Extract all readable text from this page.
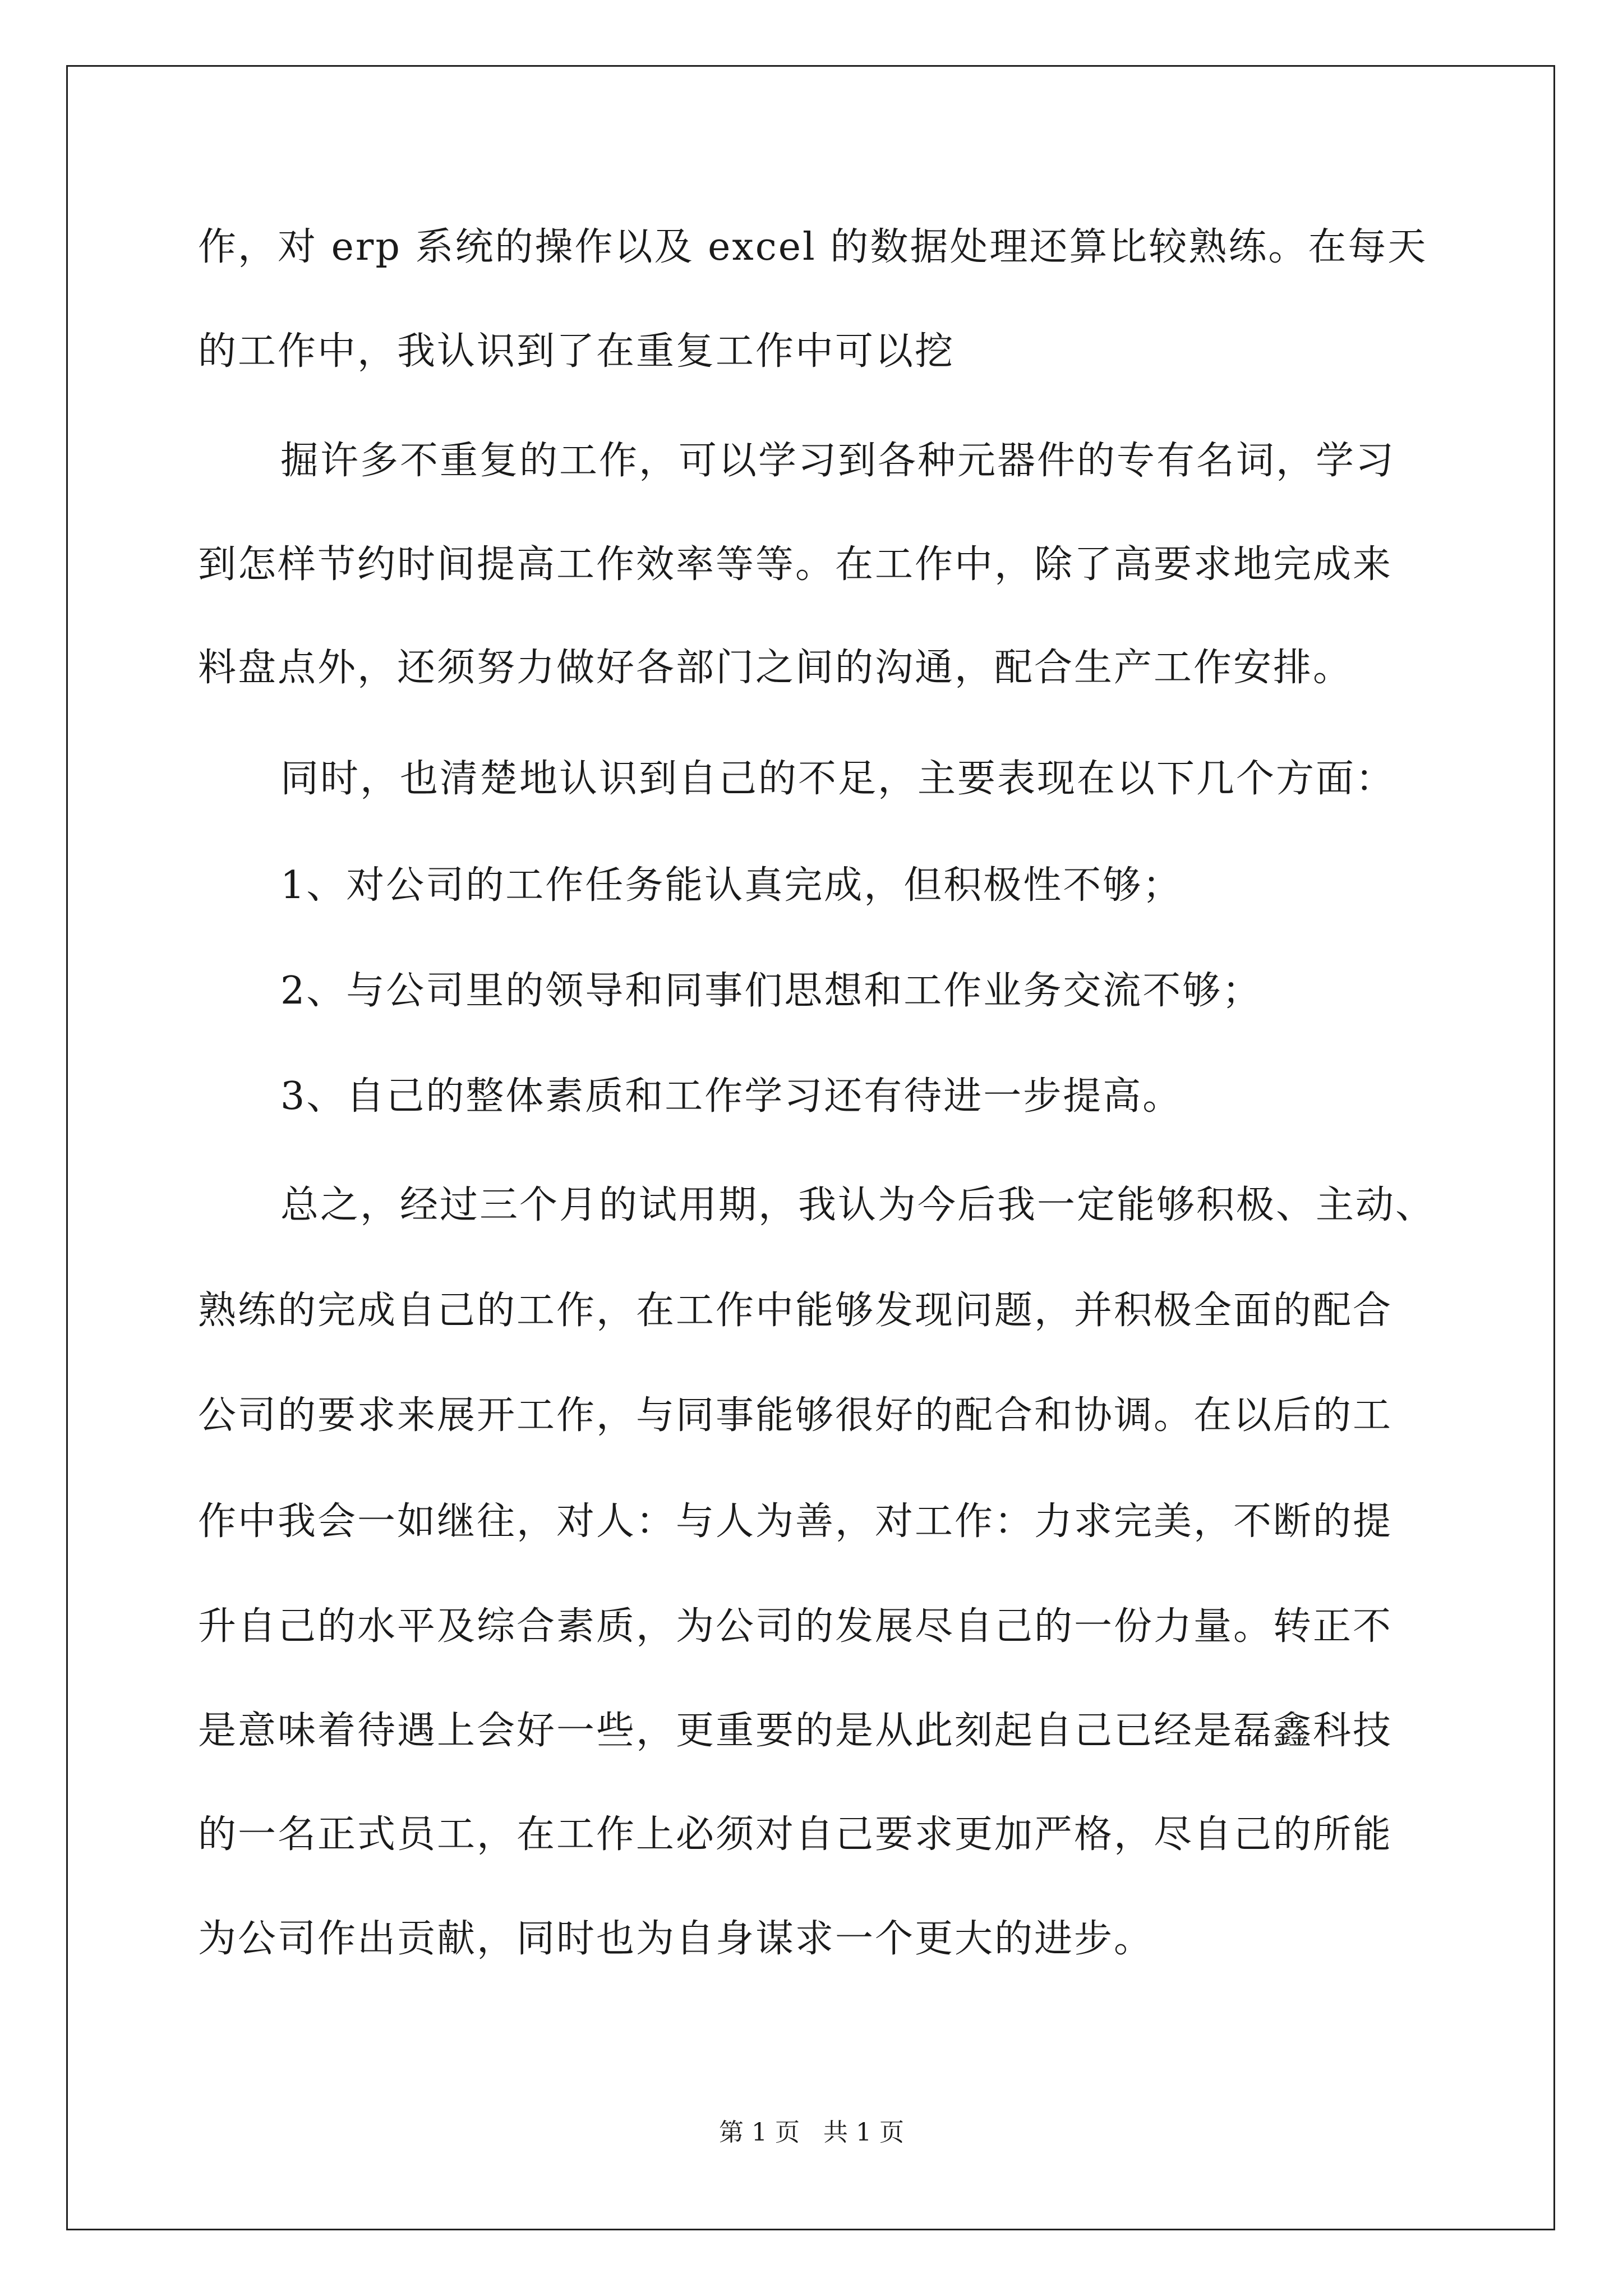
作，对 erp 系统的操作以及 excel 的数据处理还算比较熟练。在每天
的工作中，我认识到了在重复工作中可以挖
掘许多不重复的工作，可以学习到各种元器件的专有名词，学习
到怎样节约时间提高工作效率等等。在工作中，除了高要求地完成来
料盘点外，还须努力做好各部门之间的沟通，配合生产工作安排。
同时，也清楚地认识到自己的不足，主要表现在以下几个方面：
1、对公司的工作任务能认真完成，但积极性不够；
2、与公司里的领导和同事们思想和工作业务交流不够；
3、自己的整体素质和工作学习还有待进一步提高。
总之，经过三个月的试用期，我认为今后我一定能够积极、主动、
熟练的完成自己的工作，在工作中能够发现问题，并积极全面的配合
公司的要求来展开工作，与同事能够很好的配合和协调。在以后的工
作中我会一如继往，对人：与人为善，对工作：力求完美，不断的提
升自己的水平及综合素质，为公司的发展尽自己的一份力量。转正不
是意味着待遇上会好一些，更重要的是从此刻起自己已经是磊鑫科技
的一名正式员工，在工作上必须对自己要求更加严格，尽自己的所能
为公司作出贡献，同时也为自身谋求一个更大的进步。
第 1 页   共 1 页
